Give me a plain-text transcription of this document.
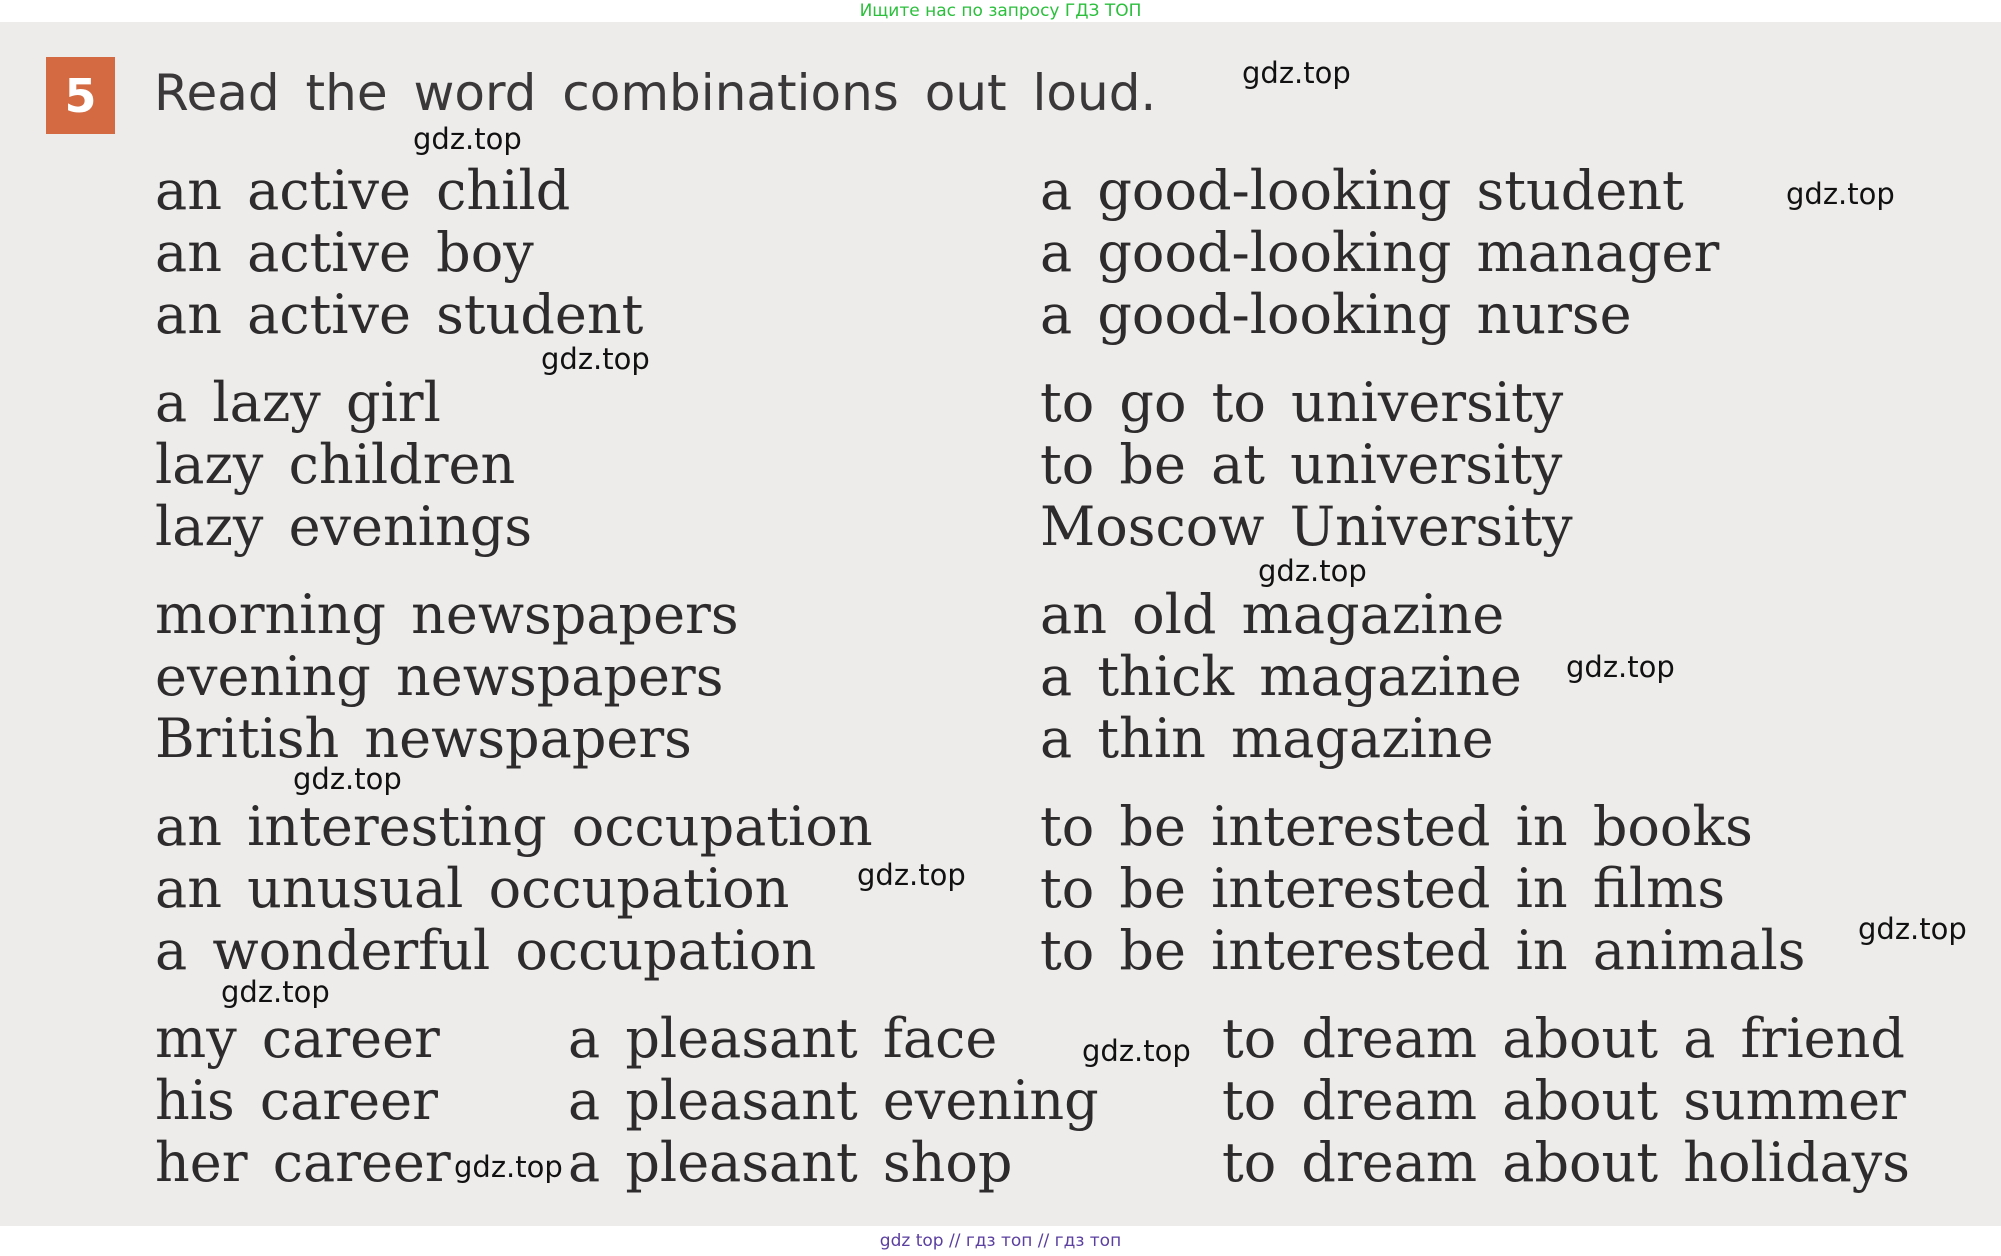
Ищите нас по запросу ГДЗ ТОП
5	Read the word combinations out loud.
an active child
an active boy
an active student
a lazy girl
lazy children
lazy evenings
morning newspapers
evening newspapers
British newspapers
an interesting occupation
an unusual occupation
a wonderful occupation
my career
his career
her career
a good-looking student
a good-looking manager
a good-looking nurse
to go to university
to be at university
Moscow University
an old magazine
a thick magazine
a thin magazine
to be interested in books
to be interested in films
to be interested in animals
a pleasant face
a pleasant evening
a pleasant shop
to dream about a friend
to dream about summer
to dream about holidays
gdz.top
gdz.top
gdz.top
gdz.top
gdz.top
gdz.top
gdz.top
gdz.top
gdz.top
gdz.top
gdz.top
gdz.top
gdz top // гдз топ // гдз топ
